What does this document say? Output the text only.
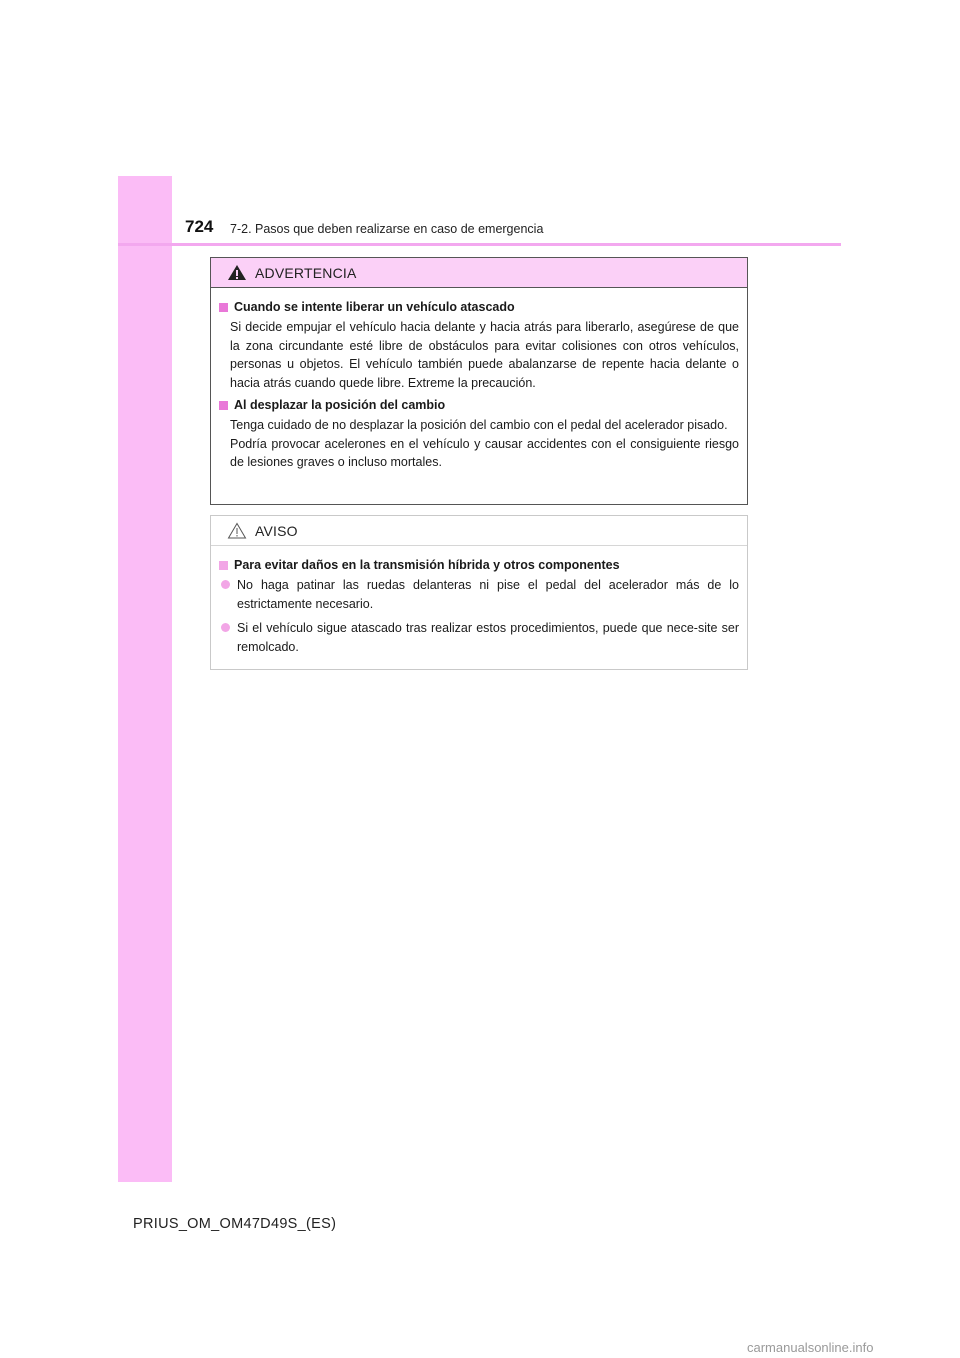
724 7-2. Pasos que deben realizarse en caso de emergencia
ADVERTENCIA
Cuando se intente liberar un vehículo atascado
Si decide empujar el vehículo hacia delante y hacia atrás para liberarlo, asegúrese de que la zona circundante esté libre de obstáculos para evitar colisiones con otros vehículos, personas u objetos. El vehículo también puede abalanzarse de repente hacia delante o hacia atrás cuando quede libre. Extreme la precaución.
Al desplazar la posición del cambio
Tenga cuidado de no desplazar la posición del cambio con el pedal del acelerador pisado.
Podría provocar acelerones en el vehículo y causar accidentes con el consiguiente riesgo de lesiones graves o incluso mortales.
AVISO
Para evitar daños en la transmisión híbrida y otros componentes
No haga patinar las ruedas delanteras ni pise el pedal del acelerador más de lo estrictamente necesario.
Si el vehículo sigue atascado tras realizar estos procedimientos, puede que nece-site ser remolcado.
PRIUS_OM_OM47D49S_(ES)
carmanualsonline.info
